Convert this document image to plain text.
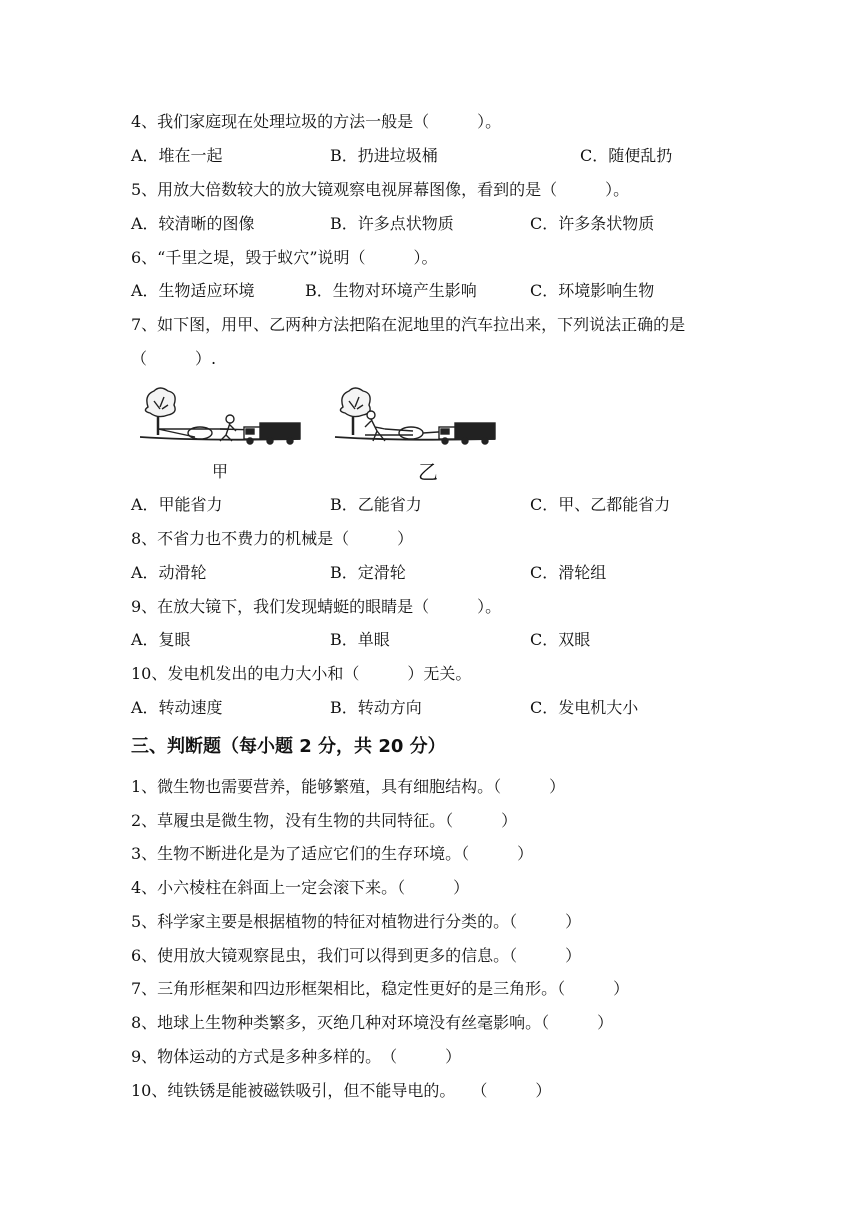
4、我们家庭现在处理垃圾的方法一般是（　　　）。
A．堆在一起	B．扔进垃圾桶	C．随便乱扔
5、用放大倍数较大的放大镜观察电视屏幕图像，看到的是（　　　）。
A．较清晰的图像	B．许多点状物质	C．许多条状物质
6、“千里之堤，毁于蚁穴”说明（　　　）。
A．生物适应环境	B．生物对环境产生影响	C．环境影响生物
7、如下图，用甲、乙两种方法把陷在泥地里的汽车拉出来，下列说法正确的是
（　　　）.
甲	乙
A．甲能省力	B．乙能省力	C．甲、乙都能省力
8、不省力也不费力的机械是（　　　）
A．动滑轮	B．定滑轮	C．滑轮组
9、在放大镜下，我们发现蜻蜓的眼睛是（　　　）。
A．复眼	B．单眼	C．双眼
10、发电机发出的电力大小和（　　　）无关。
A．转动速度	B．转动方向	C．发电机大小
三、判断题（每小题 2 分，共 20 分）
1、微生物也需要营养，能够繁殖，具有细胞结构。（　　　）
2、草履虫是微生物，没有生物的共同特征。（　　　）
3、生物不断进化是为了适应它们的生存环境。（　　　）
4、小六棱柱在斜面上一定会滚下来。（　　　）
5、科学家主要是根据植物的特征对植物进行分类的。（　　　）
6、使用放大镜观察昆虫，我们可以得到更多的信息。（　　　）
7、三角形框架和四边形框架相比，稳定性更好的是三角形。（　　　）
8、地球上生物种类繁多，灭绝几种对环境没有丝毫影响。（　　　）
9、物体运动的方式是多种多样的。　（　　　）
10、纯铁锈是能被磁铁吸引，但不能导电的。　　（　　　）
